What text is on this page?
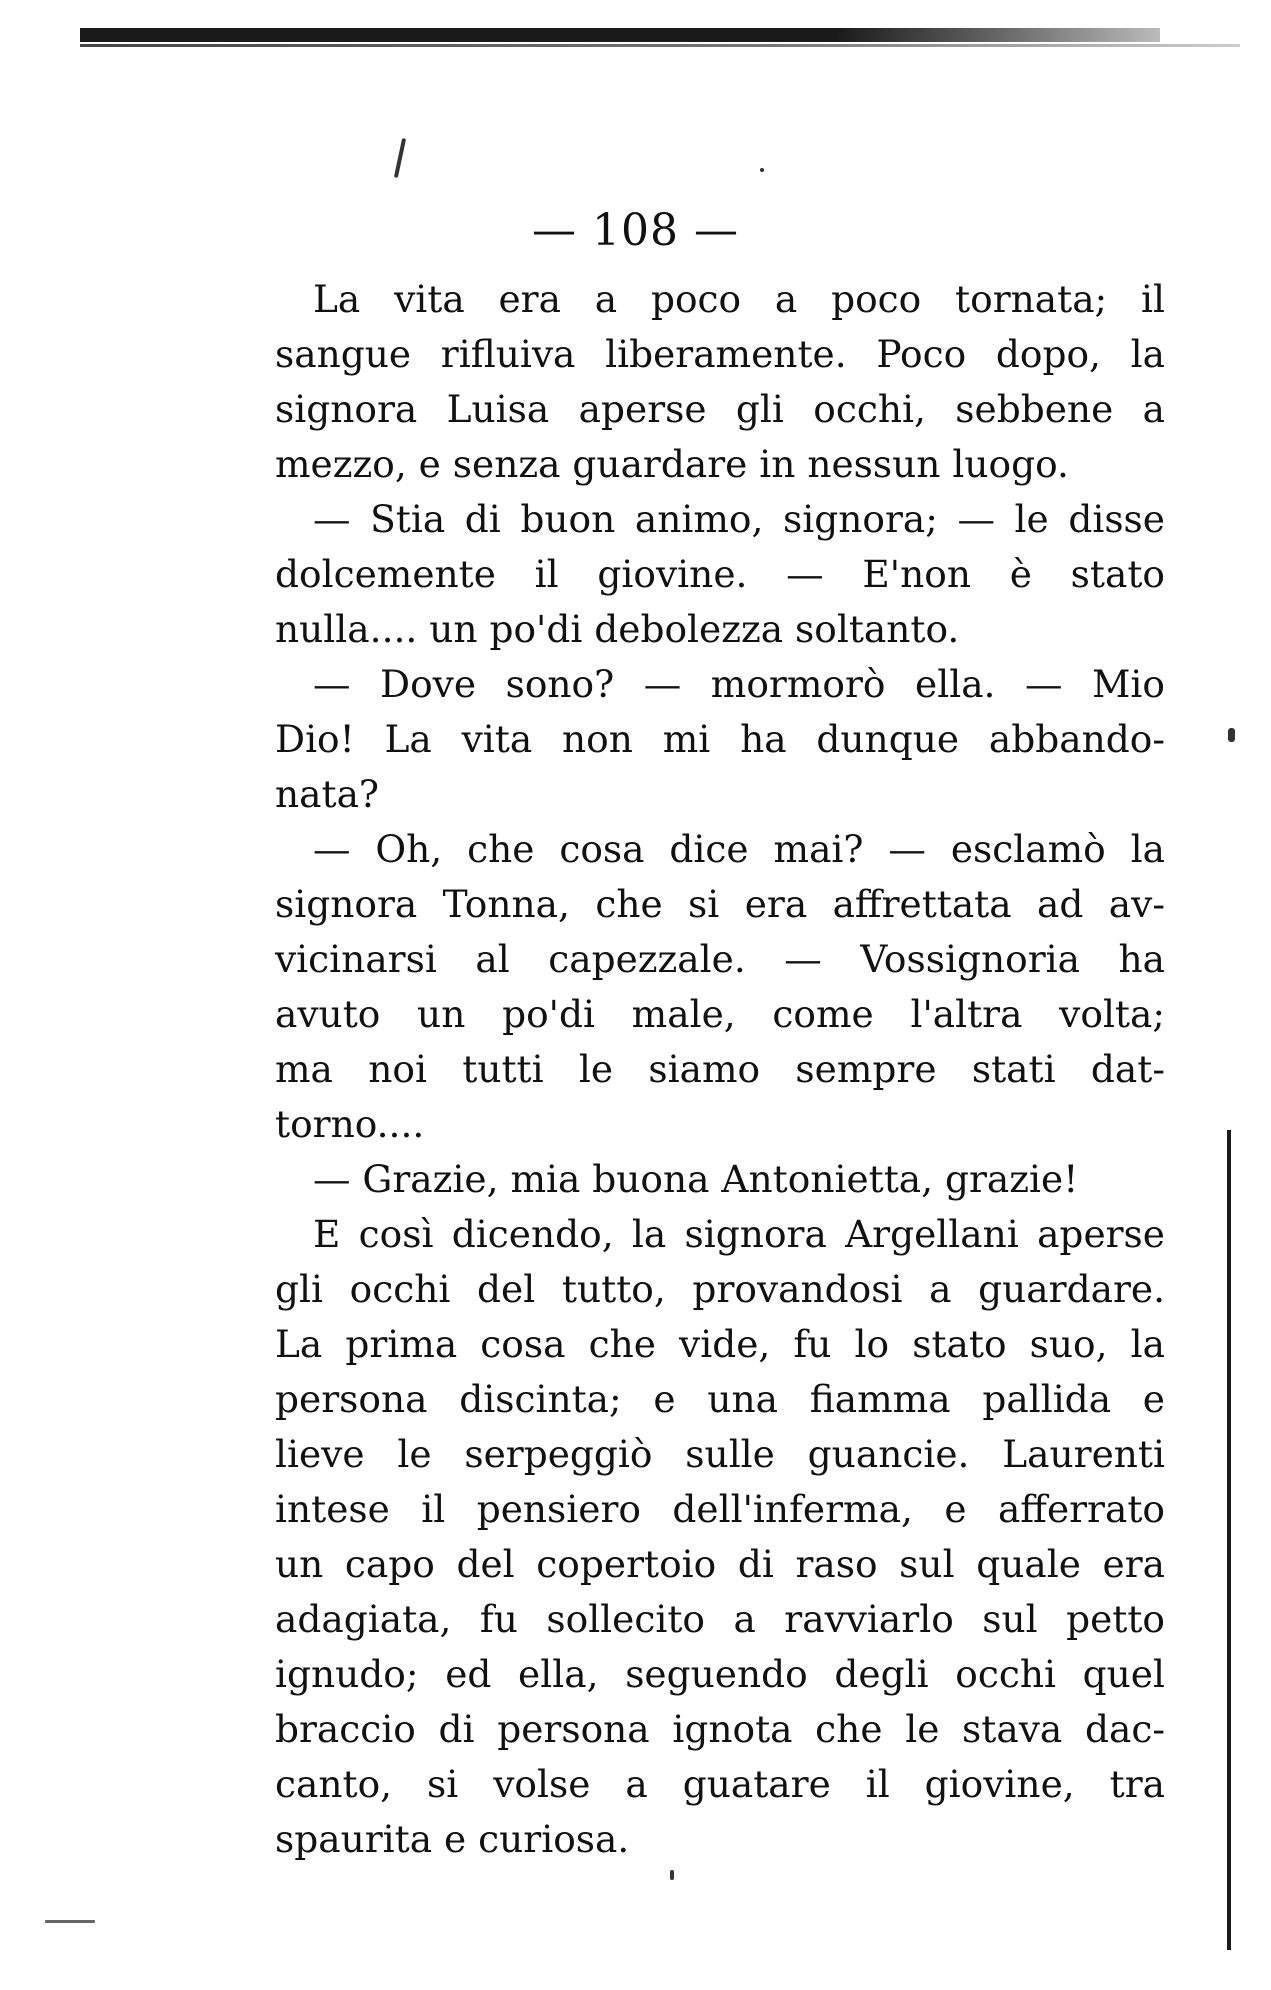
— 108 —
La vita era a poco a poco tornata; il
sangue rifluiva liberamente. Poco dopo, la
signora Luisa aperse gli occhi, sebbene a
mezzo, e senza guardare in nessun luogo.
— Stia di buon animo, signora; — le disse
dolcemente il giovine. — E'non è stato
nulla.... un po'di debolezza soltanto.
— Dove sono? — mormorò ella. — Mio
Dio! La vita non mi ha dunque abbando-
nata?
— Oh, che cosa dice mai? — esclamò la
signora Tonna, che si era affrettata ad av-
vicinarsi al capezzale. — Vossignoria ha
avuto un po'di male, come l'altra volta;
ma noi tutti le siamo sempre stati dat-
torno....
— Grazie, mia buona Antonietta, grazie!
E così dicendo, la signora Argellani aperse
gli occhi del tutto, provandosi a guardare.
La prima cosa che vide, fu lo stato suo, la
persona discinta; e una fiamma pallida e
lieve le serpeggiò sulle guancie. Laurenti
intese il pensiero dell'inferma, e afferrato
un capo del copertoio di raso sul quale era
adagiata, fu sollecito a ravviarlo sul petto
ignudo; ed ella, seguendo degli occhi quel
braccio di persona ignota che le stava dac-
canto, si volse a guatare il giovine, tra
spaurita e curiosa.
